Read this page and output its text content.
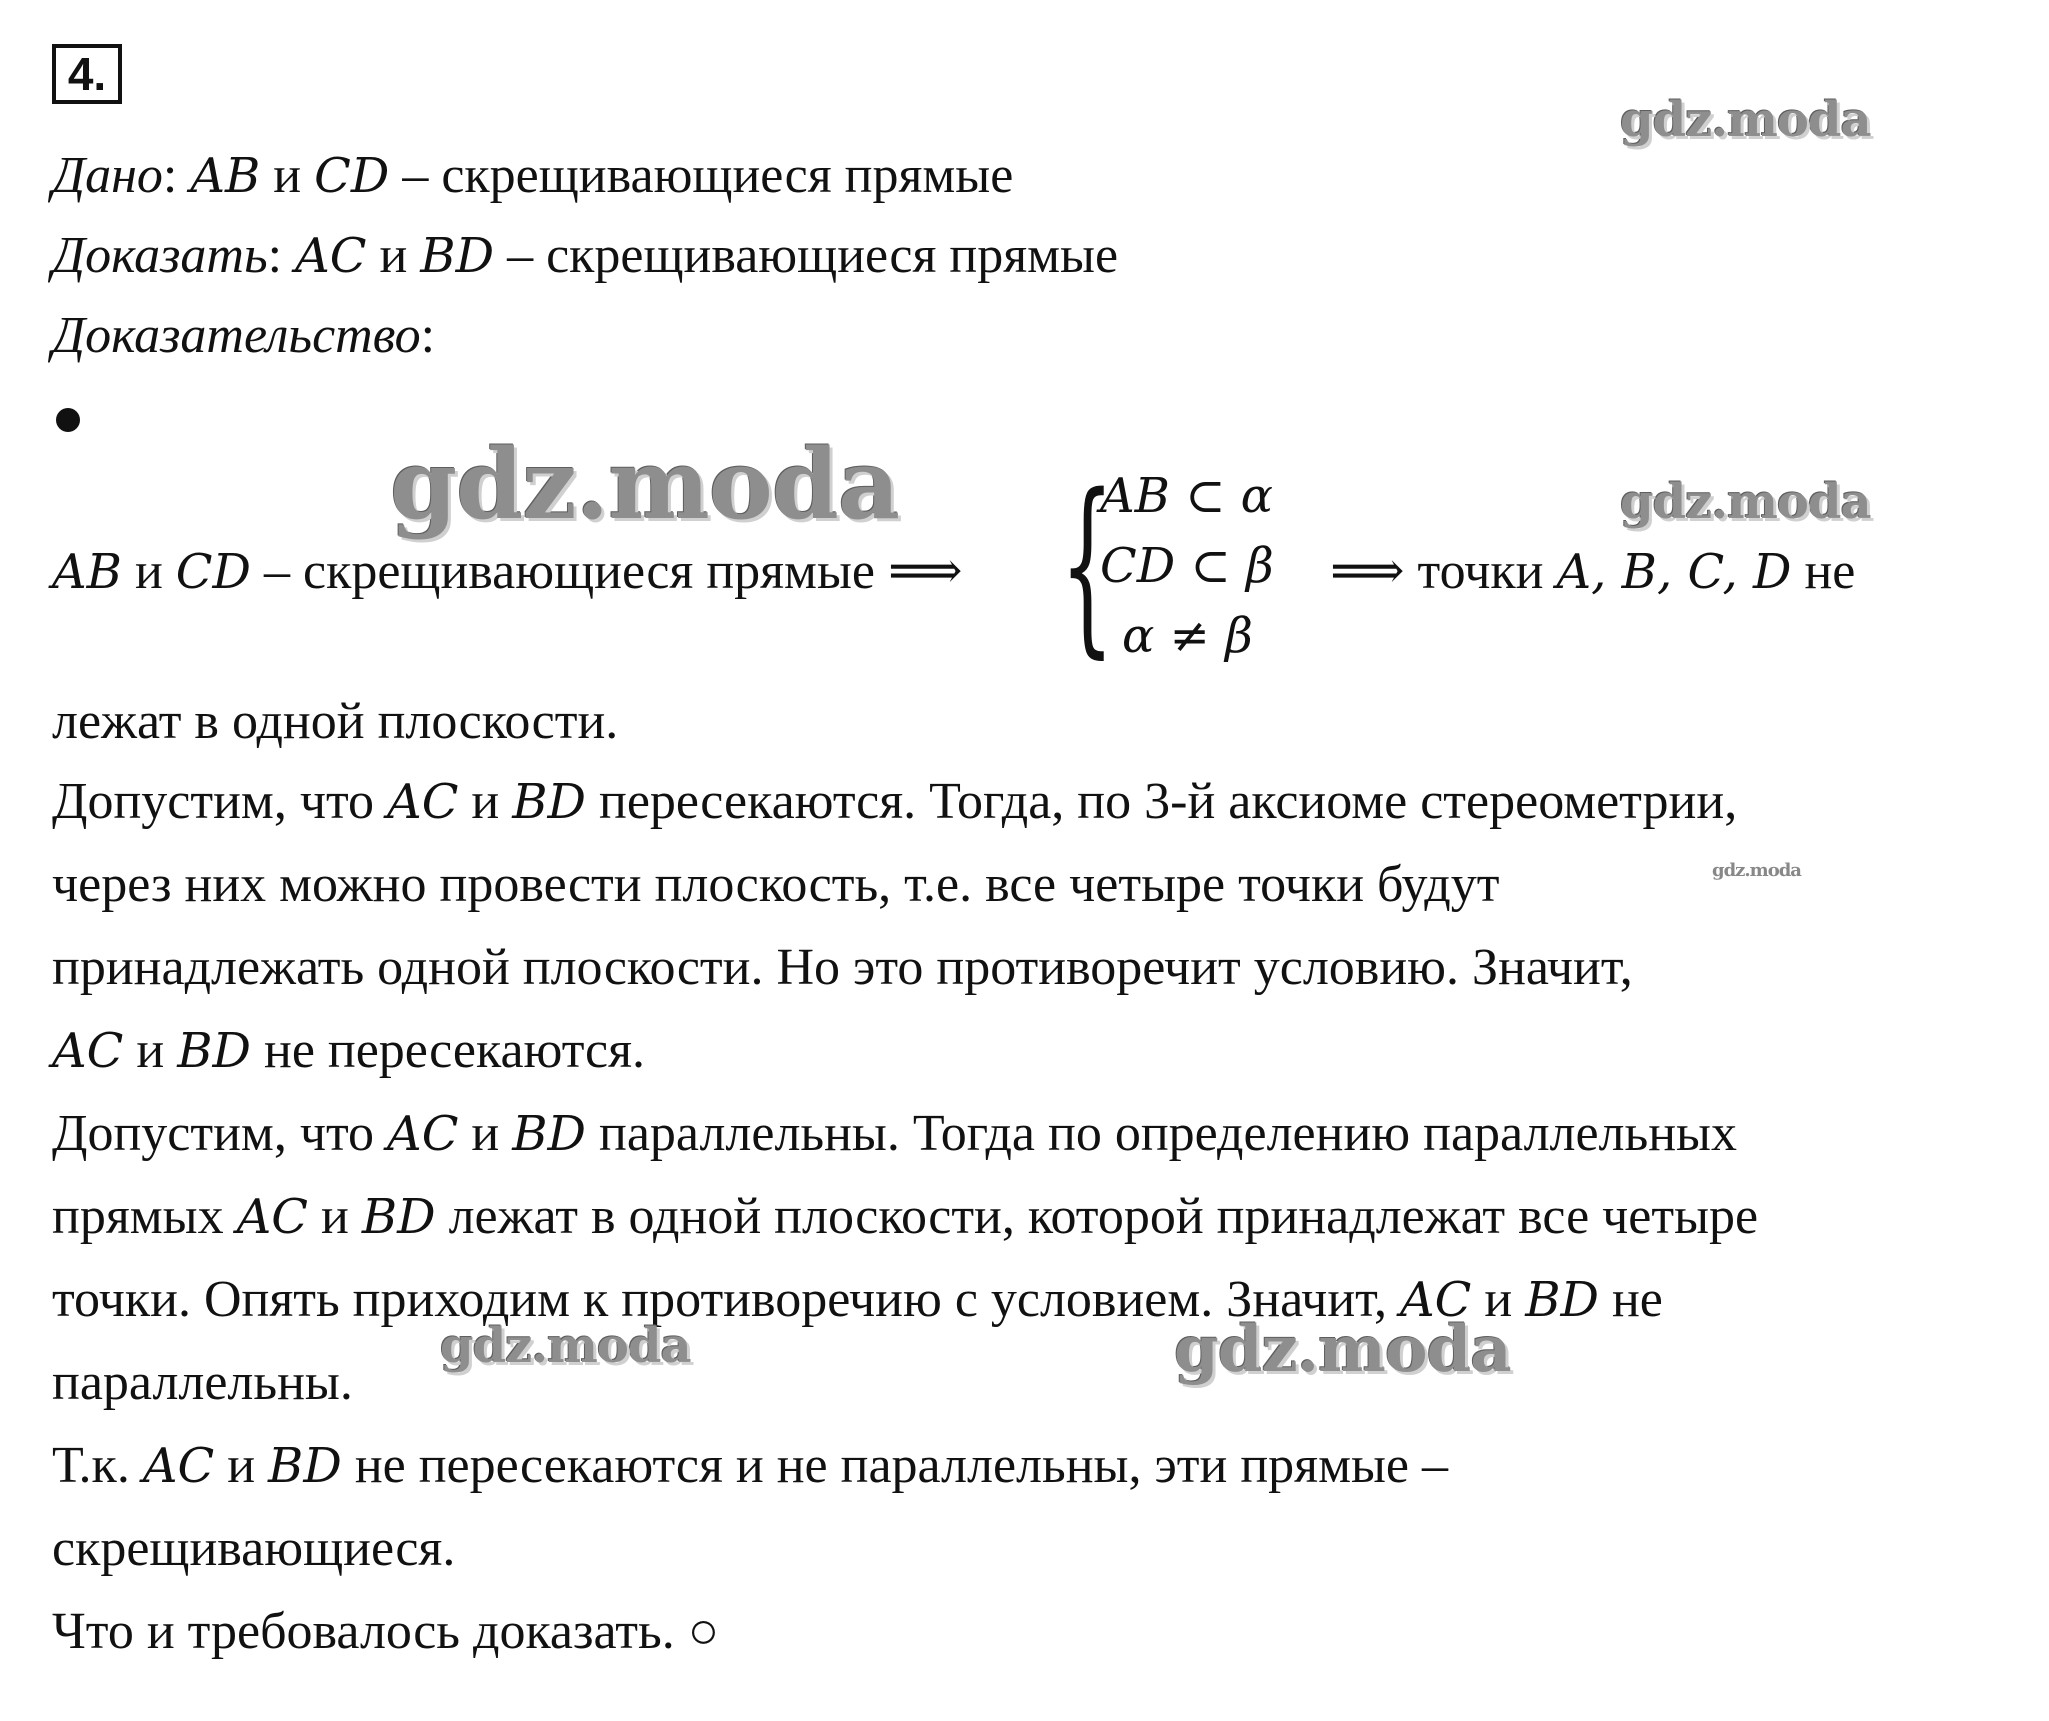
4.
Дано: AB и CD – скрещивающиеся прямые
Доказать: AC и BD – скрещивающиеся прямые
Доказательство:
AB и CD – скрещивающиеся прямые ⟹ {
AB ⊂ α
CD ⊂ β
α ≠ β
⟹ точки A, B, C, D не
лежат в одной плоскости.
Допустим, что AC и BD пересекаются. Тогда, по 3-й аксиоме стереометрии,
через них можно провести плоскость, т.е. все четыре точки будут
принадлежать одной плоскости. Но это противоречит условию. Значит,
AC и BD не пересекаются.
Допустим, что AC и BD параллельны. Тогда по определению параллельных
прямых AC и BD лежат в одной плоскости, которой принадлежат все четыре
точки. Опять приходим к противоречию с условием. Значит, AC и BD не
параллельны.
Т.к. AC и BD не пересекаются и не параллельны, эти прямые –
скрещивающиеся.
Что и требовалось доказать. ○
gdz.moda
gdz.moda	gdz.moda
gdz.moda
gdz.moda	gdz.moda
